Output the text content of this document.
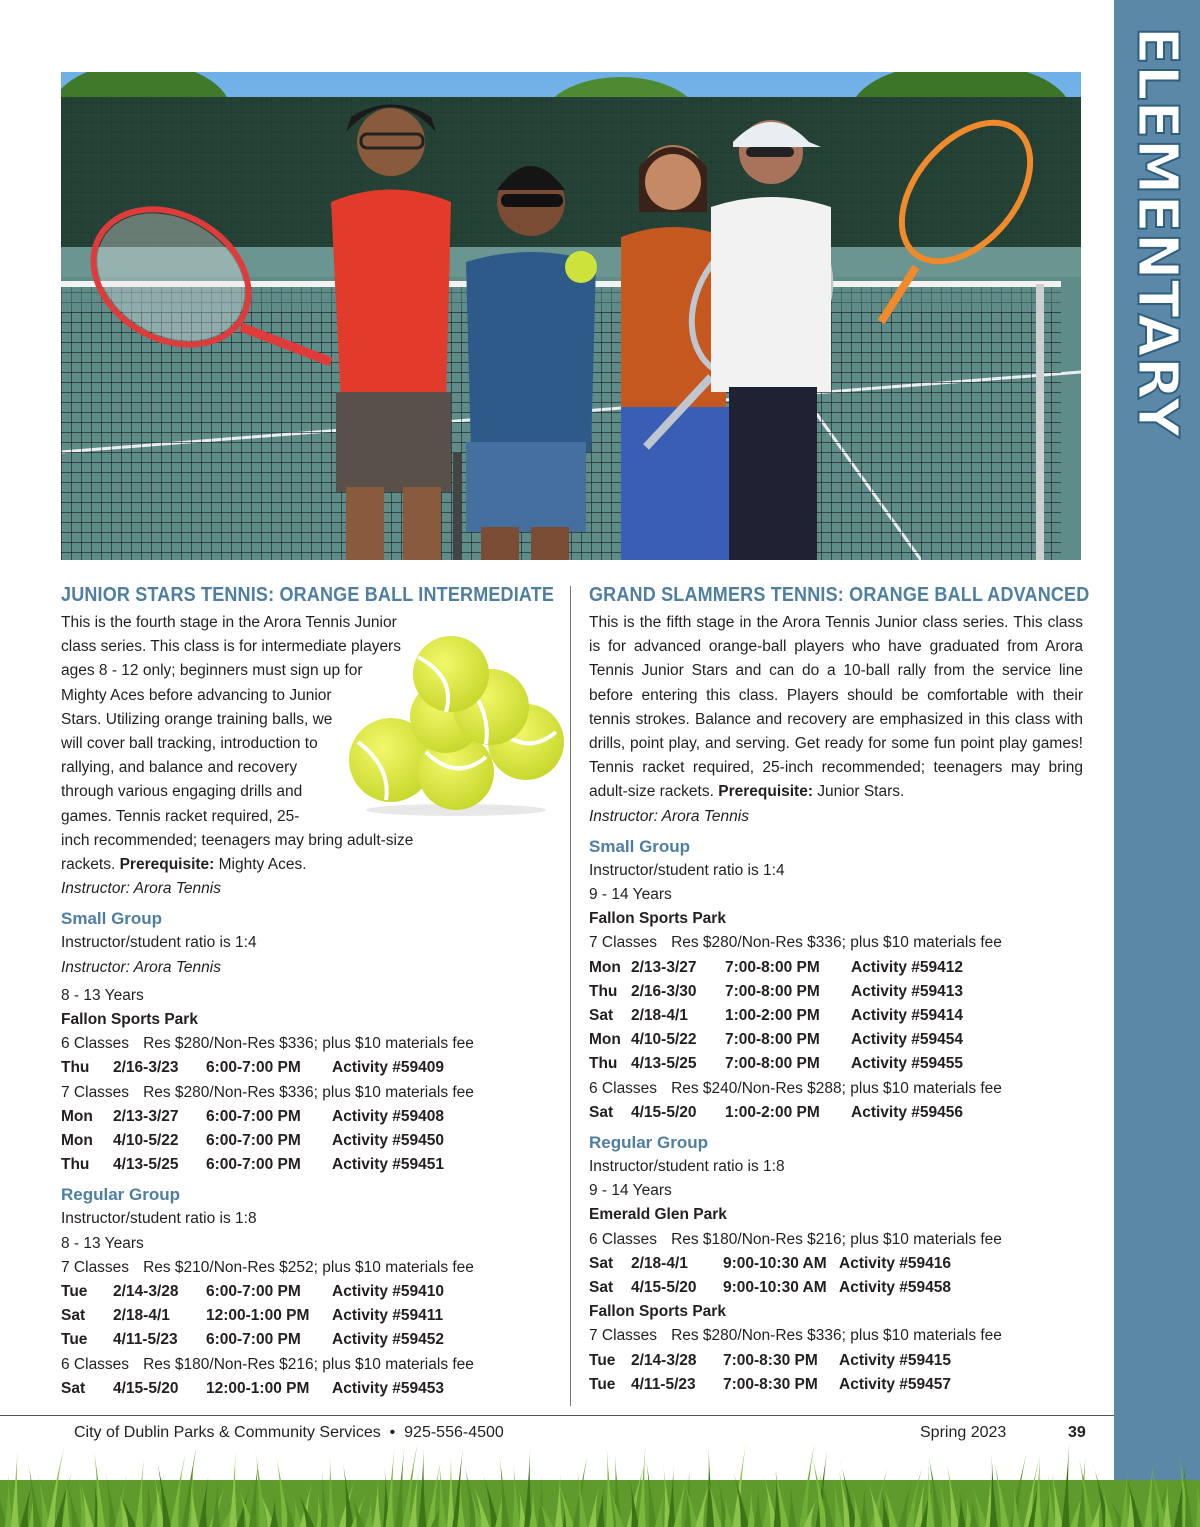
ELEMENTARY
JUNIOR STARS TENNIS: ORANGE BALL INTERMEDIATE
This is the fourth stage in the Arora Tennis Junior
class series. This class is for intermediate players
ages 8 - 12 only; beginners must sign up for
Mighty Aces before advancing to Junior
Stars. Utilizing orange training balls, we
will cover ball tracking, introduction to
rallying, and balance and recovery
through various engaging drills and
games. Tennis racket required, 25-
inch recommended; teenagers may bring adult-size
rackets. Prerequisite: Mighty Aces.
Instructor: Arora Tennis
Small Group
Instructor/student ratio is 1:4
Instructor: Arora Tennis
8 - 13 Years
Fallon Sports Park
6 Classes Res $280/Non-Res $336; plus $10 materials fee
Thu 2/16-3/23 6:00-7:00 PM Activity #59409
7 Classes Res $280/Non-Res $336; plus $10 materials fee
Mon 2/13-3/27 6:00-7:00 PM Activity #59408
Mon 4/10-5/22 6:00-7:00 PM Activity #59450
Thu 4/13-5/25 6:00-7:00 PM Activity #59451
Regular Group
Instructor/student ratio is 1:8
8 - 13 Years
7 Classes Res $210/Non-Res $252; plus $10 materials fee
Tue 2/14-3/28 6:00-7:00 PM Activity #59410
Sat 2/18-4/1 12:00-1:00 PM Activity #59411
Tue 4/11-5/23 6:00-7:00 PM Activity #59452
6 Classes Res $180/Non-Res $216; plus $10 materials fee
Sat 4/15-5/20 12:00-1:00 PM Activity #59453
GRAND SLAMMERS TENNIS: ORANGE BALL ADVANCED

This is the fifth stage in the Arora Tennis Junior class series. This class is for advanced orange-ball players who have graduated from Arora Tennis Junior Stars and can do a 10-ball rally from the service line before entering this class. Players should be comfortable with their tennis strokes. Balance and recovery are emphasized in this class with drills, point play, and serving. Get ready for some fun point play games! Tennis racket required, 25-inch recommended; teenagers may bring adult-size rackets. Prerequisite: Junior Stars.

Instructor: Arora Tennis
Small Group
Instructor/student ratio is 1:4
9 - 14 Years
Fallon Sports Park
7 Classes Res $280/Non-Res $336; plus $10 materials fee
Mon 2/13-3/27 7:00-8:00 PM Activity #59412
Thu 2/16-3/30 7:00-8:00 PM Activity #59413
Sat 2/18-4/1 1:00-2:00 PM Activity #59414
Mon 4/10-5/22 7:00-8:00 PM Activity #59454
Thu 4/13-5/25 7:00-8:00 PM Activity #59455
6 Classes Res $240/Non-Res $288; plus $10 materials fee
Sat 4/15-5/20 1:00-2:00 PM Activity #59456
Regular Group
Instructor/student ratio is 1:8
9 - 14 Years
Emerald Glen Park
6 Classes Res $180/Non-Res $216; plus $10 materials fee
Sat 2/18-4/1 9:00-10:30 AM Activity #59416
Sat 4/15-5/20 9:00-10:30 AM Activity #59458
Fallon Sports Park
7 Classes Res $280/Non-Res $336; plus $10 materials fee
Tue 2/14-3/28 7:00-8:30 PM Activity #59415
Tue 4/11-5/23 7:00-8:30 PM Activity #59457
City of Dublin Parks & Community Services • 925-556-4500	Spring 2023	39
